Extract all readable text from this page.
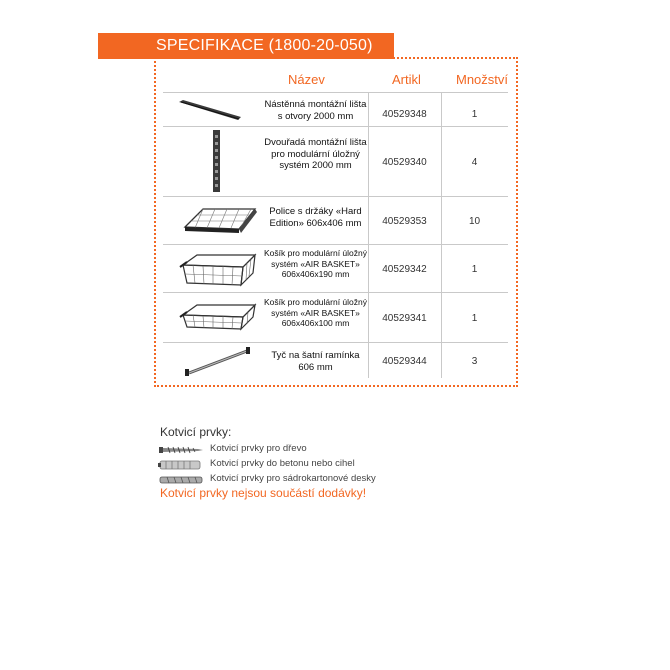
SPECIFIKACE (1800-20-050)
Název	Artikl	Množství
Nástěnná montážní lišta s otvory 2000 mm	40529348	1
Dvouřadá montážní lišta pro modulární úložný systém 2000 mm	40529340	4
Police s držáky «Hard Edition» 606x406 mm	40529353	10
Košík pro modulární úložný systém «AIR BASKET» 606x406x190 mm	40529342	1
Košík pro modulární úložný systém «AIR BASKET» 606x406x100 mm	40529341	1
Tyč na šatní ramínka 606 mm	40529344	3
Kotvicí prvky:
Kotvicí prvky pro dřevo
Kotvicí prvky do betonu nebo cihel
Kotvicí prvky pro sádrokartonové desky
Kotvicí prvky nejsou součástí dodávky!
